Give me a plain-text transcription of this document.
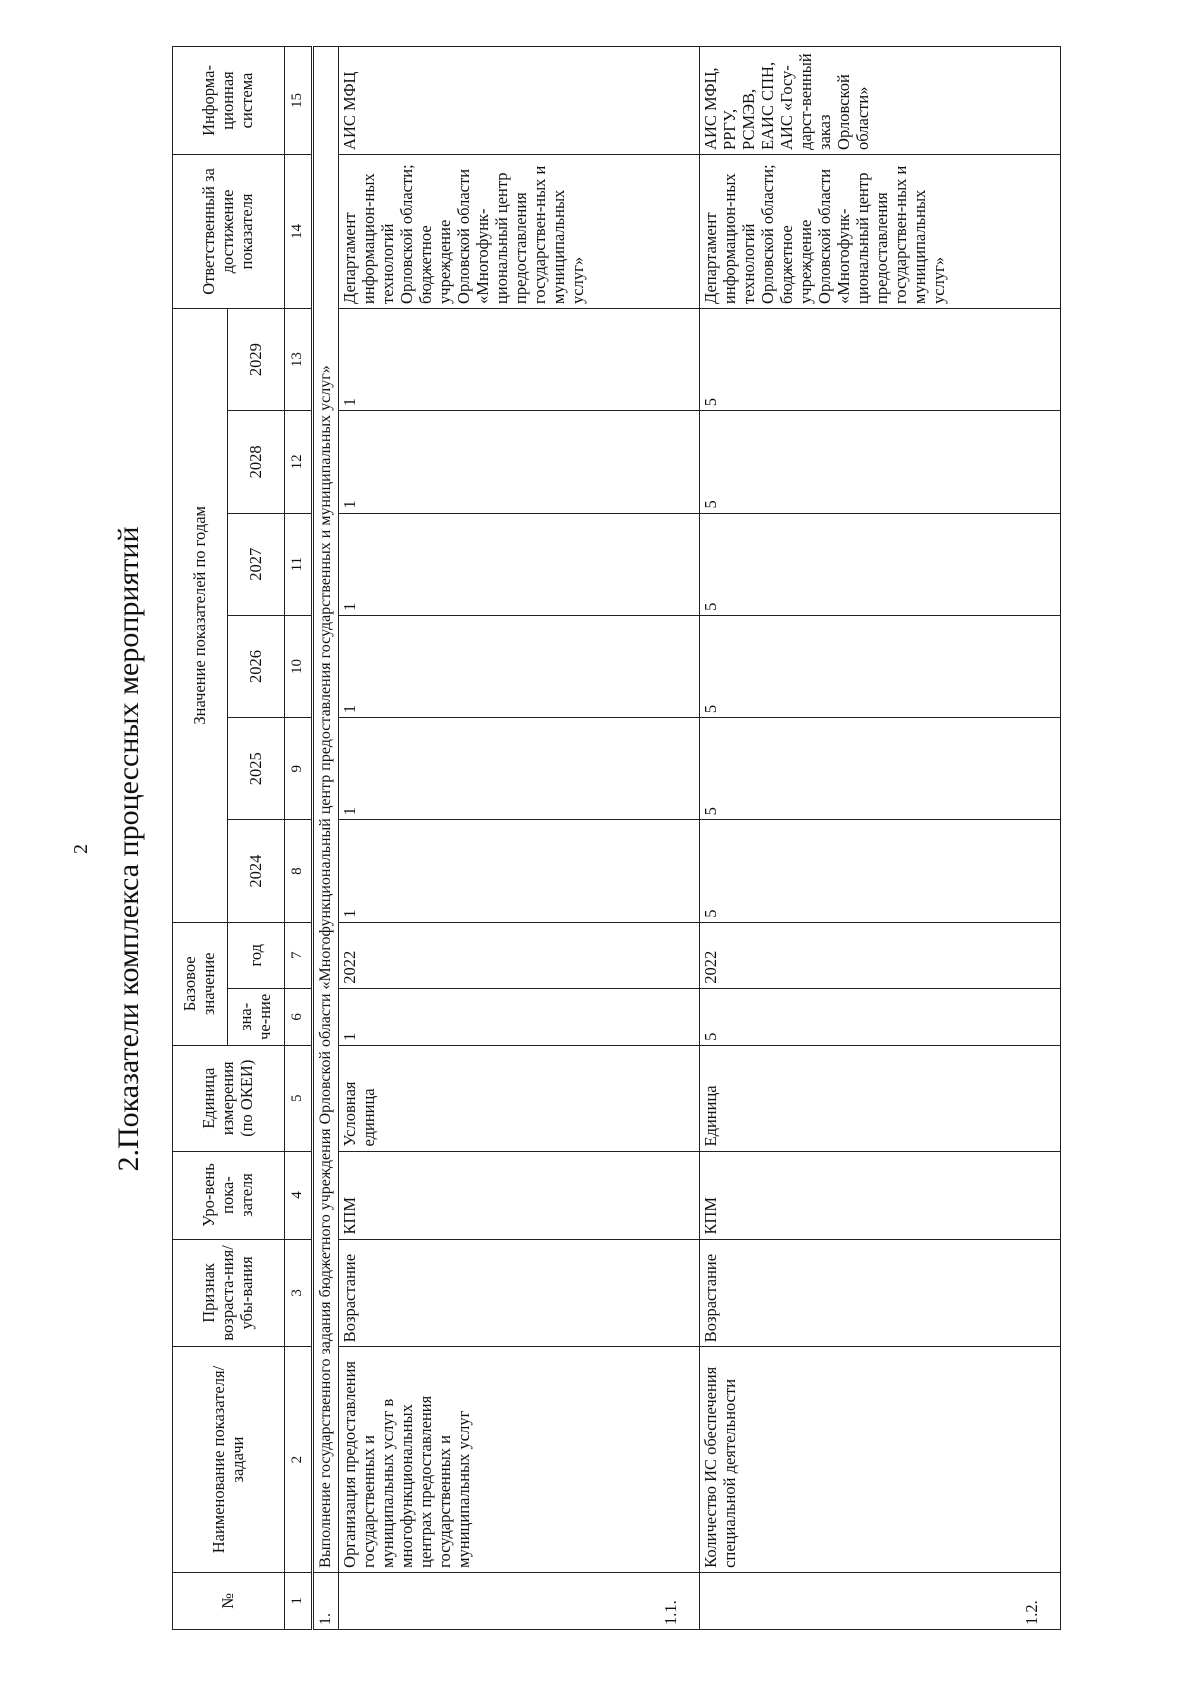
2 2.Показатели комплекса процессных мероприятий
№	Наименование показателя/задачи	Признак возраста-ния/убы-вания	Уро-вень пока-зателя	Единица измерения (по ОКЕИ)	Базовое значение		Значение показателей по годам						Ответственный за достижение показателя	Информа-ционная система
					зна-че-ние	год	2024	2025	2026	2027	2028	2029		
1	2	3	4	5	6	7	8	9	10	11	12	13	14	15
1.	Выполнение государственного задания бюджетного учреждения Орловской области «Многофункциональный центр предоставления государственных и муниципальных услуг»													
1.1.	Организация предоставления государственных и муниципальных услуг в многофункциональных центрах предоставления государственных и муниципальных услуг	Возрастание	КПМ	Условная единица	1	2022	1	1	1	1	1	1	Департамент информацион-ных технологий Орловской области; бюджетное учреждение Орловской области «Многофунк-циональный центр предоставления государствен-ных и муниципальных услуг»	АИС МФЦ
1.2.	Количество ИС обеспечения специальной деятельности	Возрастание	КПМ	Единица	5	2022	5	5	5	5	5	5	Департамент информацион-ных технологий Орловской области; бюджетное учреждение Орловской области «Многофунк-циональный центр предоставления государствен-ных и муниципальных услуг»	АИС МФЦ, РРГУ, РСМЭВ, ЕАИС СПН, АИС «Госу-дарст-венный заказ Орловской области»
